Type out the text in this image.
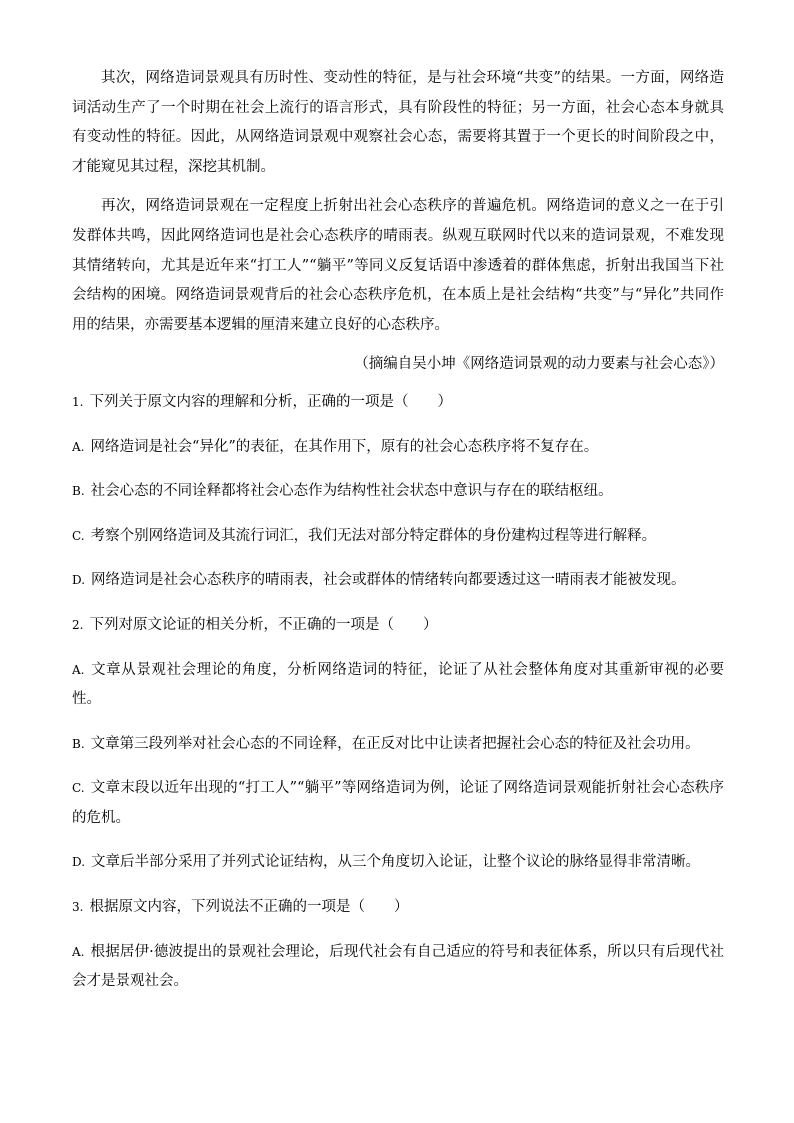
其次，网络造词景观具有历时性、变动性的特征，是与社会环境“共变”的结果。一方面，网络造词活动生产了一个时期在社会上流行的语言形式，具有阶段性的特征；另一方面，社会心态本身就具有变动性的特征。因此，从网络造词景观中观察社会心态，需要将其置于一个更长的时间阶段之中，才能窥见其过程，深挖其机制。

再次，网络造词景观在一定程度上折射出社会心态秩序的普遍危机。网络造词的意义之一在于引发群体共鸣，因此网络造词也是社会心态秩序的晴雨表。纵观互联网时代以来的造词景观，不难发现其情绪转向，尤其是近年来“打工人”“躺平”等同义反复话语中渗透着的群体焦虑，折射出我国当下社会结构的困境。网络造词景观背后的社会心态秩序危机，在本质上是社会结构“共变”与“异化”共同作用的结果，亦需要基本逻辑的厘清来建立良好的心态秩序。

（摘编自吴小坤《网络造词景观的动力要素与社会心态》）

1. 下列关于原文内容的理解和分析，正确的一项是（　　）

A. 网络造词是社会“异化”的表征，在其作用下，原有的社会心态秩序将不复存在。

B. 社会心态的不同诠释都将社会心态作为结构性社会状态中意识与存在的联结枢纽。

C. 考察个别网络造词及其流行词汇，我们无法对部分特定群体的身份建构过程等进行解释。

D. 网络造词是社会心态秩序的晴雨表，社会或群体的情绪转向都要透过这一晴雨表才能被发现。

2. 下列对原文论证的相关分析，不正确的一项是（　　）

A. 文章从景观社会理论的角度，分析网络造词的特征，论证了从社会整体角度对其重新审视的必要性。

B. 文章第三段列举对社会心态的不同诠释，在正反对比中让读者把握社会心态的特征及社会功用。

C. 文章末段以近年出现的“打工人”“躺平”等网络造词为例，论证了网络造词景观能折射社会心态秩序的危机。

D. 文章后半部分采用了并列式论证结构，从三个角度切入论证，让整个议论的脉络显得非常清晰。

3. 根据原文内容，下列说法不正确的一项是（　　）

A. 根据居伊·德波提出的景观社会理论，后现代社会有自己适应的符号和表征体系，所以只有后现代社会才是景观社会。
